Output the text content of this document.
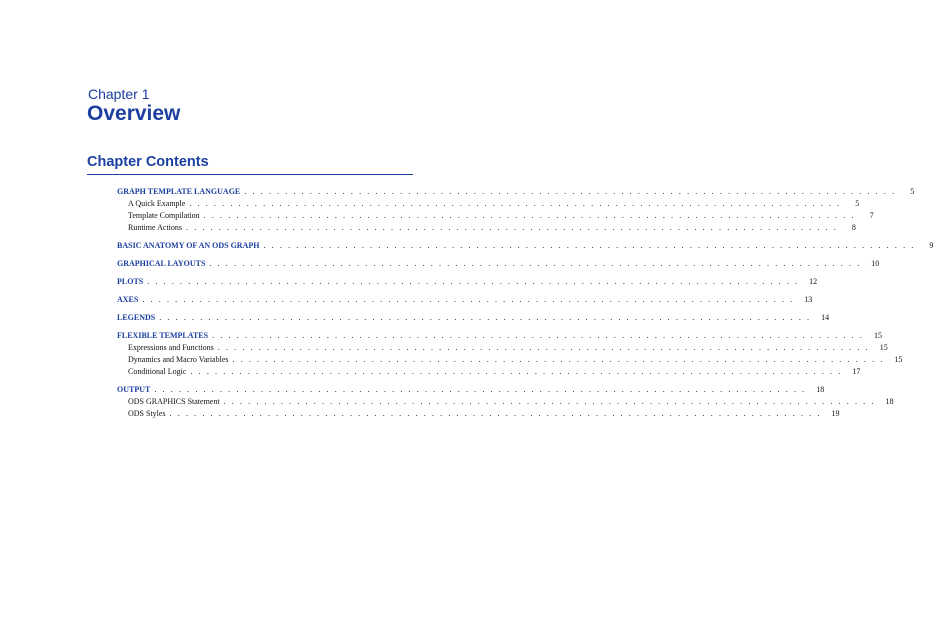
Chapter 1
Overview
Chapter Contents
GRAPH TEMPLATE LANGUAGE . . . . . . . . . . . . . . . . . . . . . . . . . . . . . . . . . . . . . . . . . . . . . . . . . . . . . . . . . . . . . . . . . . . . . . . . . . . . . . . .	5
A Quick Example . . . . . . . . . . . . . . . . . . . . . . . . . . . . . . . . . . . . . . . . . . . . . . . . . . . . . . . . . . . . . . . . . . . . . . . . . . . . . . . .	5
Template Compilation . . . . . . . . . . . . . . . . . . . . . . . . . . . . . . . . . . . . . . . . . . . . . . . . . . . . . . . . . . . . . . . . . . . . . . . . . . . . . . . .	7
Runtime Actions . . . . . . . . . . . . . . . . . . . . . . . . . . . . . . . . . . . . . . . . . . . . . . . . . . . . . . . . . . . . . . . . . . . . . . . . . . . . . . . .	8
BASIC ANATOMY OF AN ODS GRAPH . . . . . . . . . . . . . . . . . . . . . . . . . . . . . . . . . . . . . . . . . . . . . . . . . . . . . . . . . . . . . . . . . . . . . . . . . . . . . . . .	9
GRAPHICAL LAYOUTS . . . . . . . . . . . . . . . . . . . . . . . . . . . . . . . . . . . . . . . . . . . . . . . . . . . . . . . . . . . . . . . . . . . . . . . . . . . . . . . .	10
PLOTS . . . . . . . . . . . . . . . . . . . . . . . . . . . . . . . . . . . . . . . . . . . . . . . . . . . . . . . . . . . . . . . . . . . . . . . . . . . . . . . .	12
AXES . . . . . . . . . . . . . . . . . . . . . . . . . . . . . . . . . . . . . . . . . . . . . . . . . . . . . . . . . . . . . . . . . . . . . . . . . . . . . . . .	13
LEGENDS . . . . . . . . . . . . . . . . . . . . . . . . . . . . . . . . . . . . . . . . . . . . . . . . . . . . . . . . . . . . . . . . . . . . . . . . . . . . . . . .	14
FLEXIBLE TEMPLATES . . . . . . . . . . . . . . . . . . . . . . . . . . . . . . . . . . . . . . . . . . . . . . . . . . . . . . . . . . . . . . . . . . . . . . . . . . . . . . . .	15
Expressions and Functions . . . . . . . . . . . . . . . . . . . . . . . . . . . . . . . . . . . . . . . . . . . . . . . . . . . . . . . . . . . . . . . . . . . . . . . . . . . . . . . .	15
Dynamics and Macro Variables . . . . . . . . . . . . . . . . . . . . . . . . . . . . . . . . . . . . . . . . . . . . . . . . . . . . . . . . . . . . . . . . . . . . . . . . . . . . . . . .	15
Conditional Logic . . . . . . . . . . . . . . . . . . . . . . . . . . . . . . . . . . . . . . . . . . . . . . . . . . . . . . . . . . . . . . . . . . . . . . . . . . . . . . . .	17
OUTPUT . . . . . . . . . . . . . . . . . . . . . . . . . . . . . . . . . . . . . . . . . . . . . . . . . . . . . . . . . . . . . . . . . . . . . . . . . . . . . . . .	18
ODS GRAPHICS Statement . . . . . . . . . . . . . . . . . . . . . . . . . . . . . . . . . . . . . . . . . . . . . . . . . . . . . . . . . . . . . . . . . . . . . . . . . . . . . . . .	18
ODS Styles . . . . . . . . . . . . . . . . . . . . . . . . . . . . . . . . . . . . . . . . . . . . . . . . . . . . . . . . . . . . . . . . . . . . . . . . . . . . . . . .	19
